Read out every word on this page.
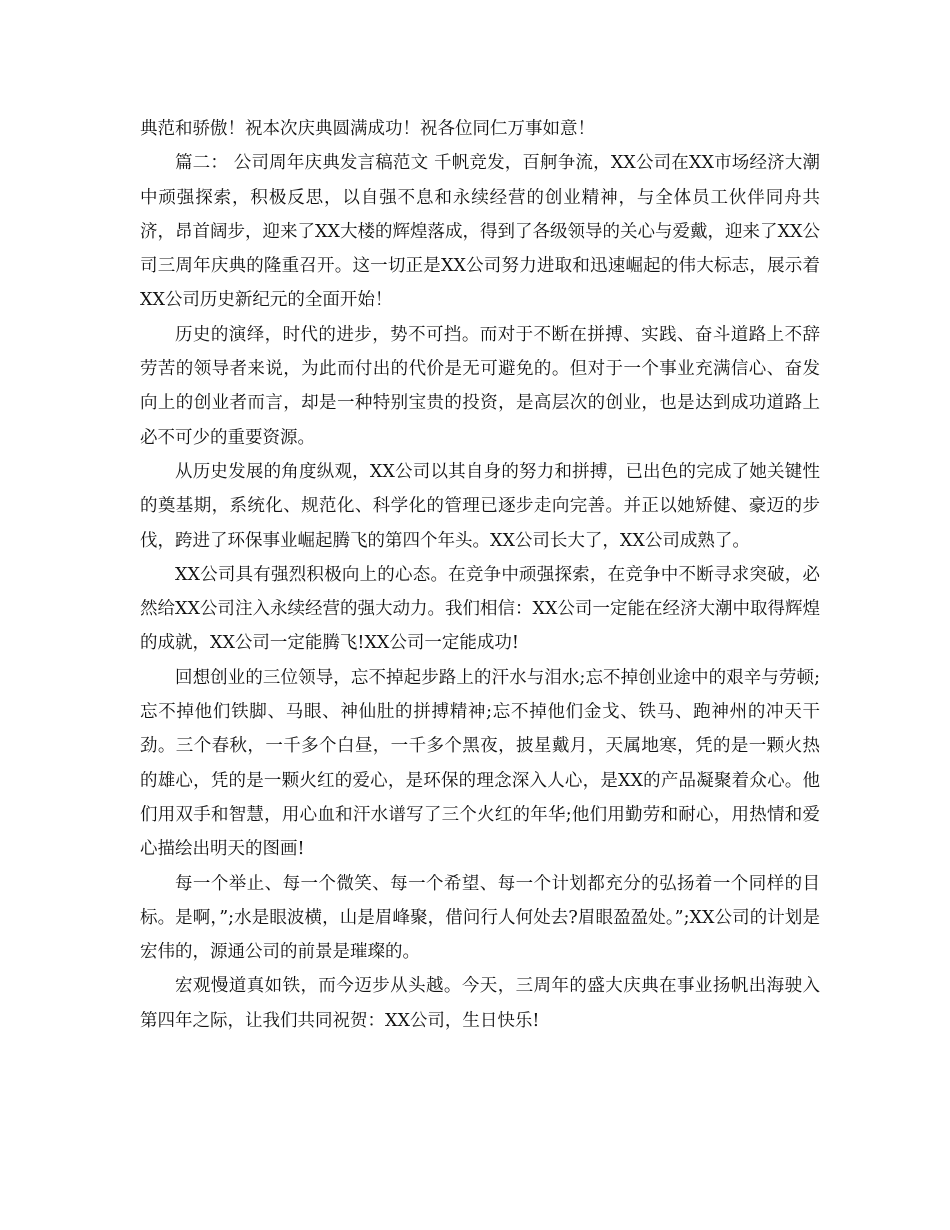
典范和骄傲！祝本次庆典圆满成功！祝各位同仁万事如意！

篇二： 公司周年庆典发言稿范文 千帆竞发，百舸争流，XX公司在XX市场经济大潮中顽强探索，积极反思，以自强不息和永续经营的创业精神，与全体员工伙伴同舟共济，昂首阔步，迎来了XX大楼的辉煌落成，得到了各级领导的关心与爱戴，迎来了XX公司三周年庆典的隆重召开。这一切正是XX公司努力进取和迅速崛起的伟大标志，展示着XX公司历史新纪元的全面开始！

历史的演绎，时代的进步，势不可挡。而对于不断在拼搏、实践、奋斗道路上不辞劳苦的领导者来说，为此而付出的代价是无可避免的。但对于一个事业充满信心、奋发向上的创业者而言，却是一种特别宝贵的投资，是高层次的创业，也是达到成功道路上必不可少的重要资源。

从历史发展的角度纵观，XX公司以其自身的努力和拼搏，已出色的完成了她关键性的奠基期，系统化、规范化、科学化的管理已逐步走向完善。并正以她矫健、豪迈的步伐，跨进了环保事业崛起腾飞的第四个年头。XX公司长大了，XX公司成熟了。

XX公司具有强烈积极向上的心态。在竞争中顽强探索，在竞争中不断寻求突破，必然给XX公司注入永续经营的强大动力。我们相信：XX公司一定能在经济大潮中取得辉煌的成就，XX公司一定能腾飞!XX公司一定能成功!

回想创业的三位领导，忘不掉起步路上的汗水与泪水;忘不掉创业途中的艰辛与劳顿;忘不掉他们铁脚、马眼、神仙肚的拼搏精神;忘不掉他们金戈、铁马、跑神州的冲天干劲。三个春秋，一千多个白昼，一千多个黑夜，披星戴月，天属地寒，凭的是一颗火热的雄心，凭的是一颗火红的爱心，是环保的理念深入人心，是XX的产品凝聚着众心。他们用双手和智慧，用心血和汗水谱写了三个火红的年华;他们用勤劳和耐心，用热情和爱心描绘出明天的图画!

每一个举止、每一个微笑、每一个希望、每一个计划都充分的弘扬着一个同样的目标。是啊，”;水是眼波横，山是眉峰聚，借问行人何处去?眉眼盈盈处。”;XX公司的计划是宏伟的，源通公司的前景是璀璨的。

宏观慢道真如铁，而今迈步从头越。今天，三周年的盛大庆典在事业扬帆出海驶入第四年之际，让我们共同祝贺：XX公司，生日快乐!
